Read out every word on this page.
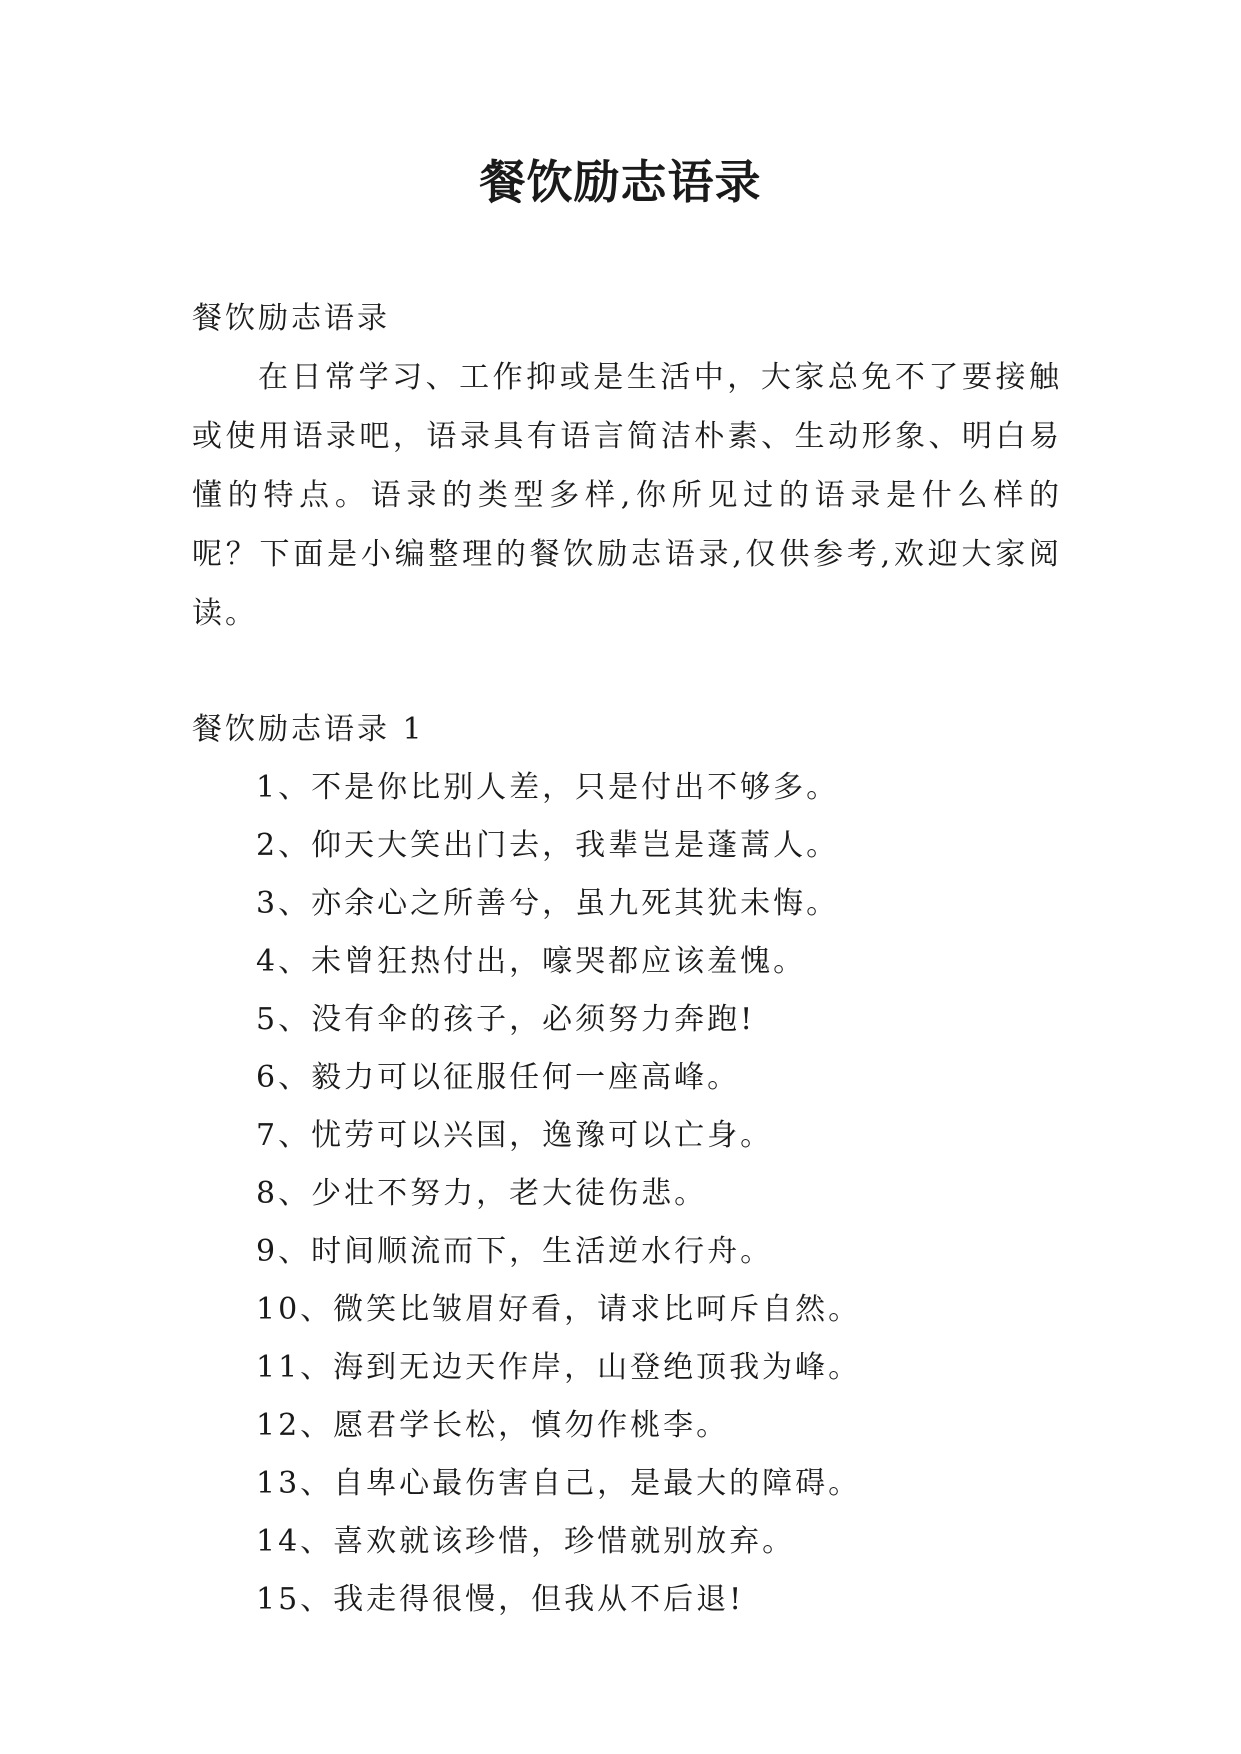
餐饮励志语录

餐饮励志语录

在日常学习、工作抑或是生活中，大家总免不了要接触或使用语录吧，语录具有语言简洁朴素、生动形象、明白易懂的特点。语录的类型多样,你所见过的语录是什么样的呢？下面是小编整理的餐饮励志语录,仅供参考,欢迎大家阅读。

餐饮励志语录 1

1、不是你比别人差，只是付出不够多。

2、仰天大笑出门去，我辈岂是蓬蒿人。

3、亦余心之所善兮，虽九死其犹未悔。

4、未曾狂热付出，嚎哭都应该羞愧。

5、没有伞的孩子，必须努力奔跑!

6、毅力可以征服任何一座高峰。

7、忧劳可以兴国，逸豫可以亡身。

8、少壮不努力，老大徒伤悲。

9、时间顺流而下，生活逆水行舟。

10、微笑比皱眉好看，请求比呵斥自然。

11、海到无边天作岸，山登绝顶我为峰。

12、愿君学长松，慎勿作桃李。

13、自卑心最伤害自己，是最大的障碍。

14、喜欢就该珍惜，珍惜就别放弃。

15、我走得很慢，但我从不后退!
